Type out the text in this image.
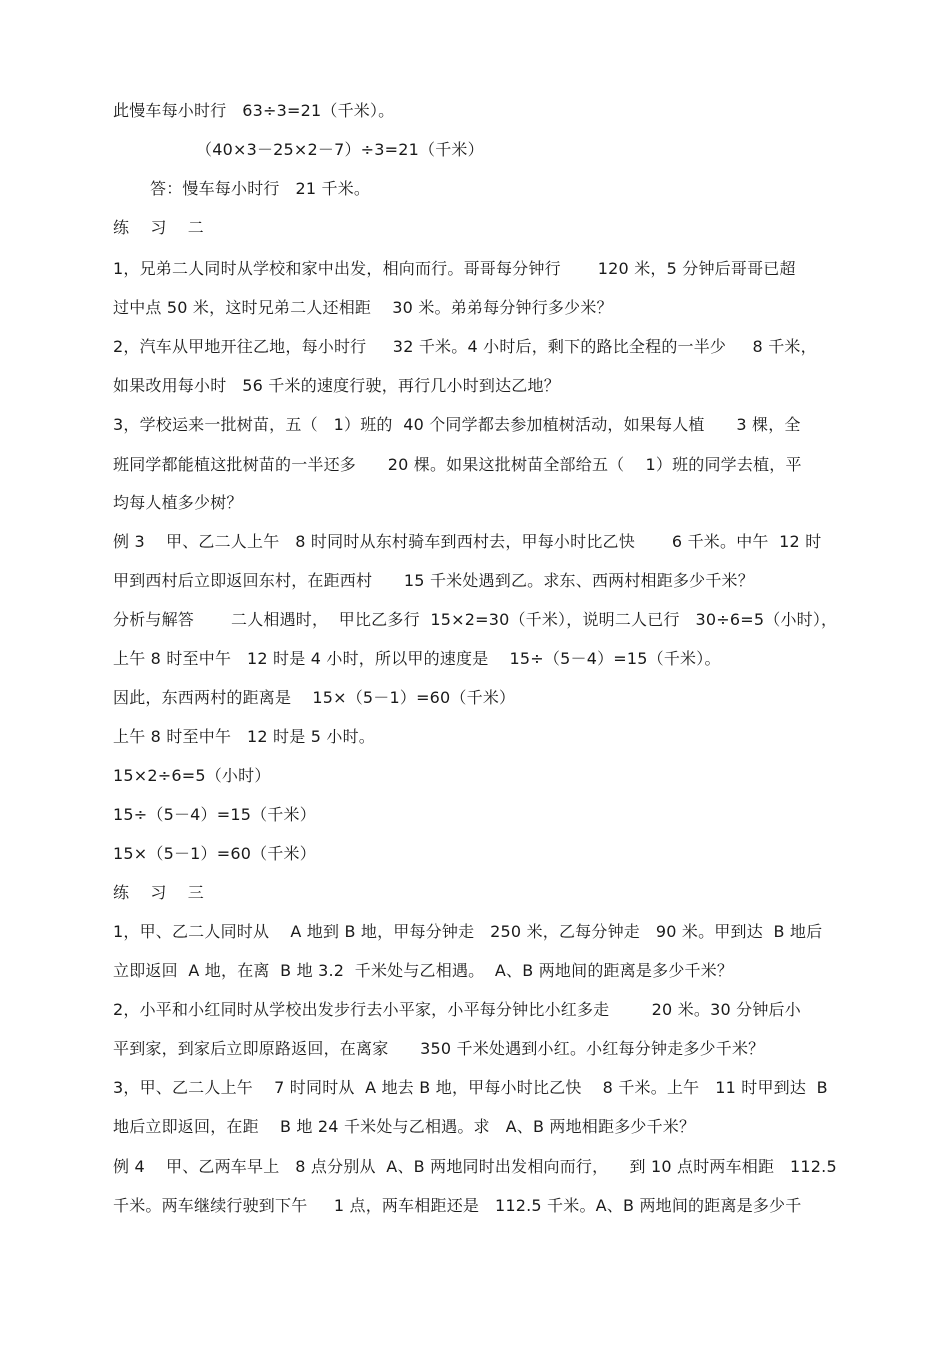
此慢车每小时行   63÷3=21（千米）。
（40×3－25×2－7）÷3=21（千米）
答：慢车每小时行   21 千米。
练    习    二
1，兄弟二人同时从学校和家中出发，相向而行。哥哥每分钟行       120 米，5 分钟后哥哥已超
过中点 50 米，这时兄弟二人还相距    30 米。弟弟每分钟行多少米？
2，汽车从甲地开往乙地，每小时行     32 千米。4 小时后，剩下的路比全程的一半少     8 千米，
如果改用每小时   56 千米的速度行驶，再行几小时到达乙地？
3，学校运来一批树苗，五（   1）班的  40 个同学都去参加植树活动，如果每人植      3 棵，全
班同学都能植这批树苗的一半还多      20 棵。如果这批树苗全部给五（    1）班的同学去植，平
均每人植多少树？
例 3    甲、乙二人上午   8 时同时从东村骑车到西村去，甲每小时比乙快       6 千米。中午  12 时
甲到西村后立即返回东村，在距西村      15 千米处遇到乙。求东、西两村相距多少千米？
分析与解答       二人相遇时，  甲比乙多行  15×2=30（千米），说明二人已行   30÷6=5（小时），
上午 8 时至中午   12 时是 4 小时，所以甲的速度是    15÷（5－4）=15（千米）。
因此，东西两村的距离是    15×（5－1）=60（千米）
上午 8 时至中午   12 时是 5 小时。
15×2÷6=5（小时）
15÷（5－4）=15（千米）
15×（5－1）=60（千米）
练    习    三
1，甲、乙二人同时从    A 地到 B 地，甲每分钟走   250 米，乙每分钟走   90 米。甲到达  B 地后
立即返回  A 地，在离  B 地 3.2  千米处与乙相遇。  A、B 两地间的距离是多少千米？
2，小平和小红同时从学校出发步行去小平家，小平每分钟比小红多走        20 米。30 分钟后小
平到家，到家后立即原路返回，在离家      350 千米处遇到小红。小红每分钟走多少千米？
3，甲、乙二人上午    7 时同时从  A 地去 B 地，甲每小时比乙快    8 千米。上午   11 时甲到达  B
地后立即返回，在距    B 地 24 千米处与乙相遇。求   A、B 两地相距多少千米？
例 4    甲、乙两车早上   8 点分别从  A、B 两地同时出发相向而行，    到 10 点时两车相距   112.5
千米。两车继续行驶到下午     1 点，两车相距还是   112.5 千米。A、B 两地间的距离是多少千
